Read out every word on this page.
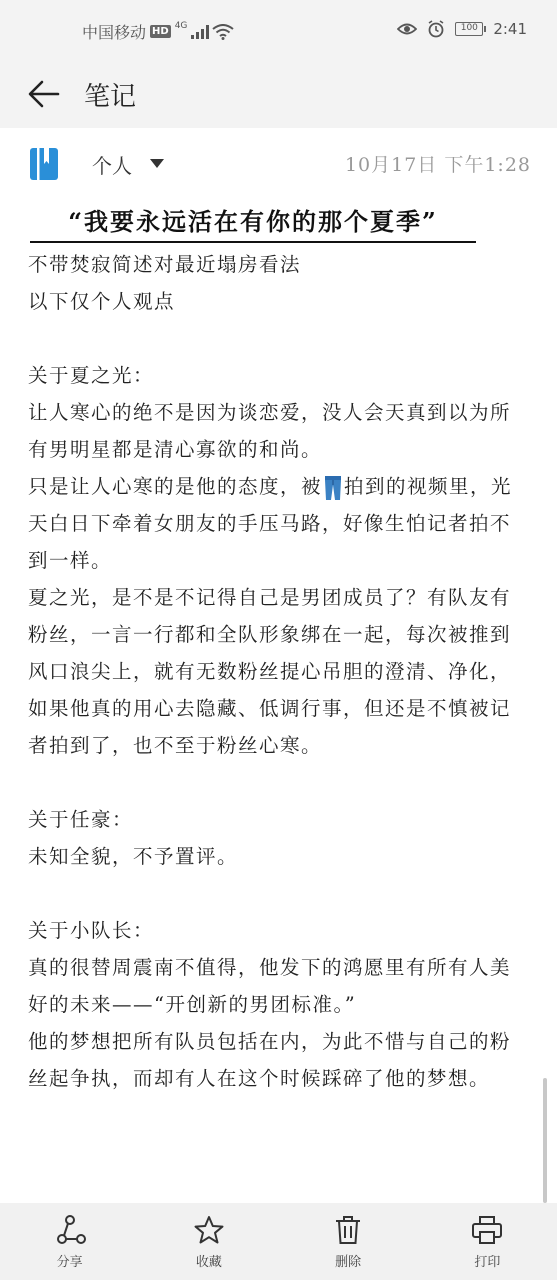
中国移动 HD
4G	100	2:41
笔记
个人	10月17日 下午1:28
“我要永远活在有你的那个夏季”

不带焚寂简述对最近塌房看法

以下仅个人观点

关于夏之光：

让人寒心的绝不是因为谈恋爱，没人会天真到以为所有男明星都是清心寡欲的和尚。

只是让人心寒的是他的态度，被 拍到的视频里，光天白日下牵着女朋友的手压马路，好像生怕记者拍不到一样。

夏之光，是不是不记得自己是男团成员了？有队友有粉丝，一言一行都和全队形象绑在一起，每次被推到风口浪尖上，就有无数粉丝提心吊胆的澄清、净化，如果他真的用心去隐藏、低调行事，但还是不慎被记者拍到了，也不至于粉丝心寒。

关于任豪：

未知全貌，不予置评。

关于小队长：

真的很替周震南不值得，他发下的鸿愿里有所有人美好的未来——“开创新的男团标准。”

他的梦想把所有队员包括在内，为此不惜与自己的粉丝起争执，而却有人在这个时候踩碎了他的梦想。

分享	收藏	删除	打印
